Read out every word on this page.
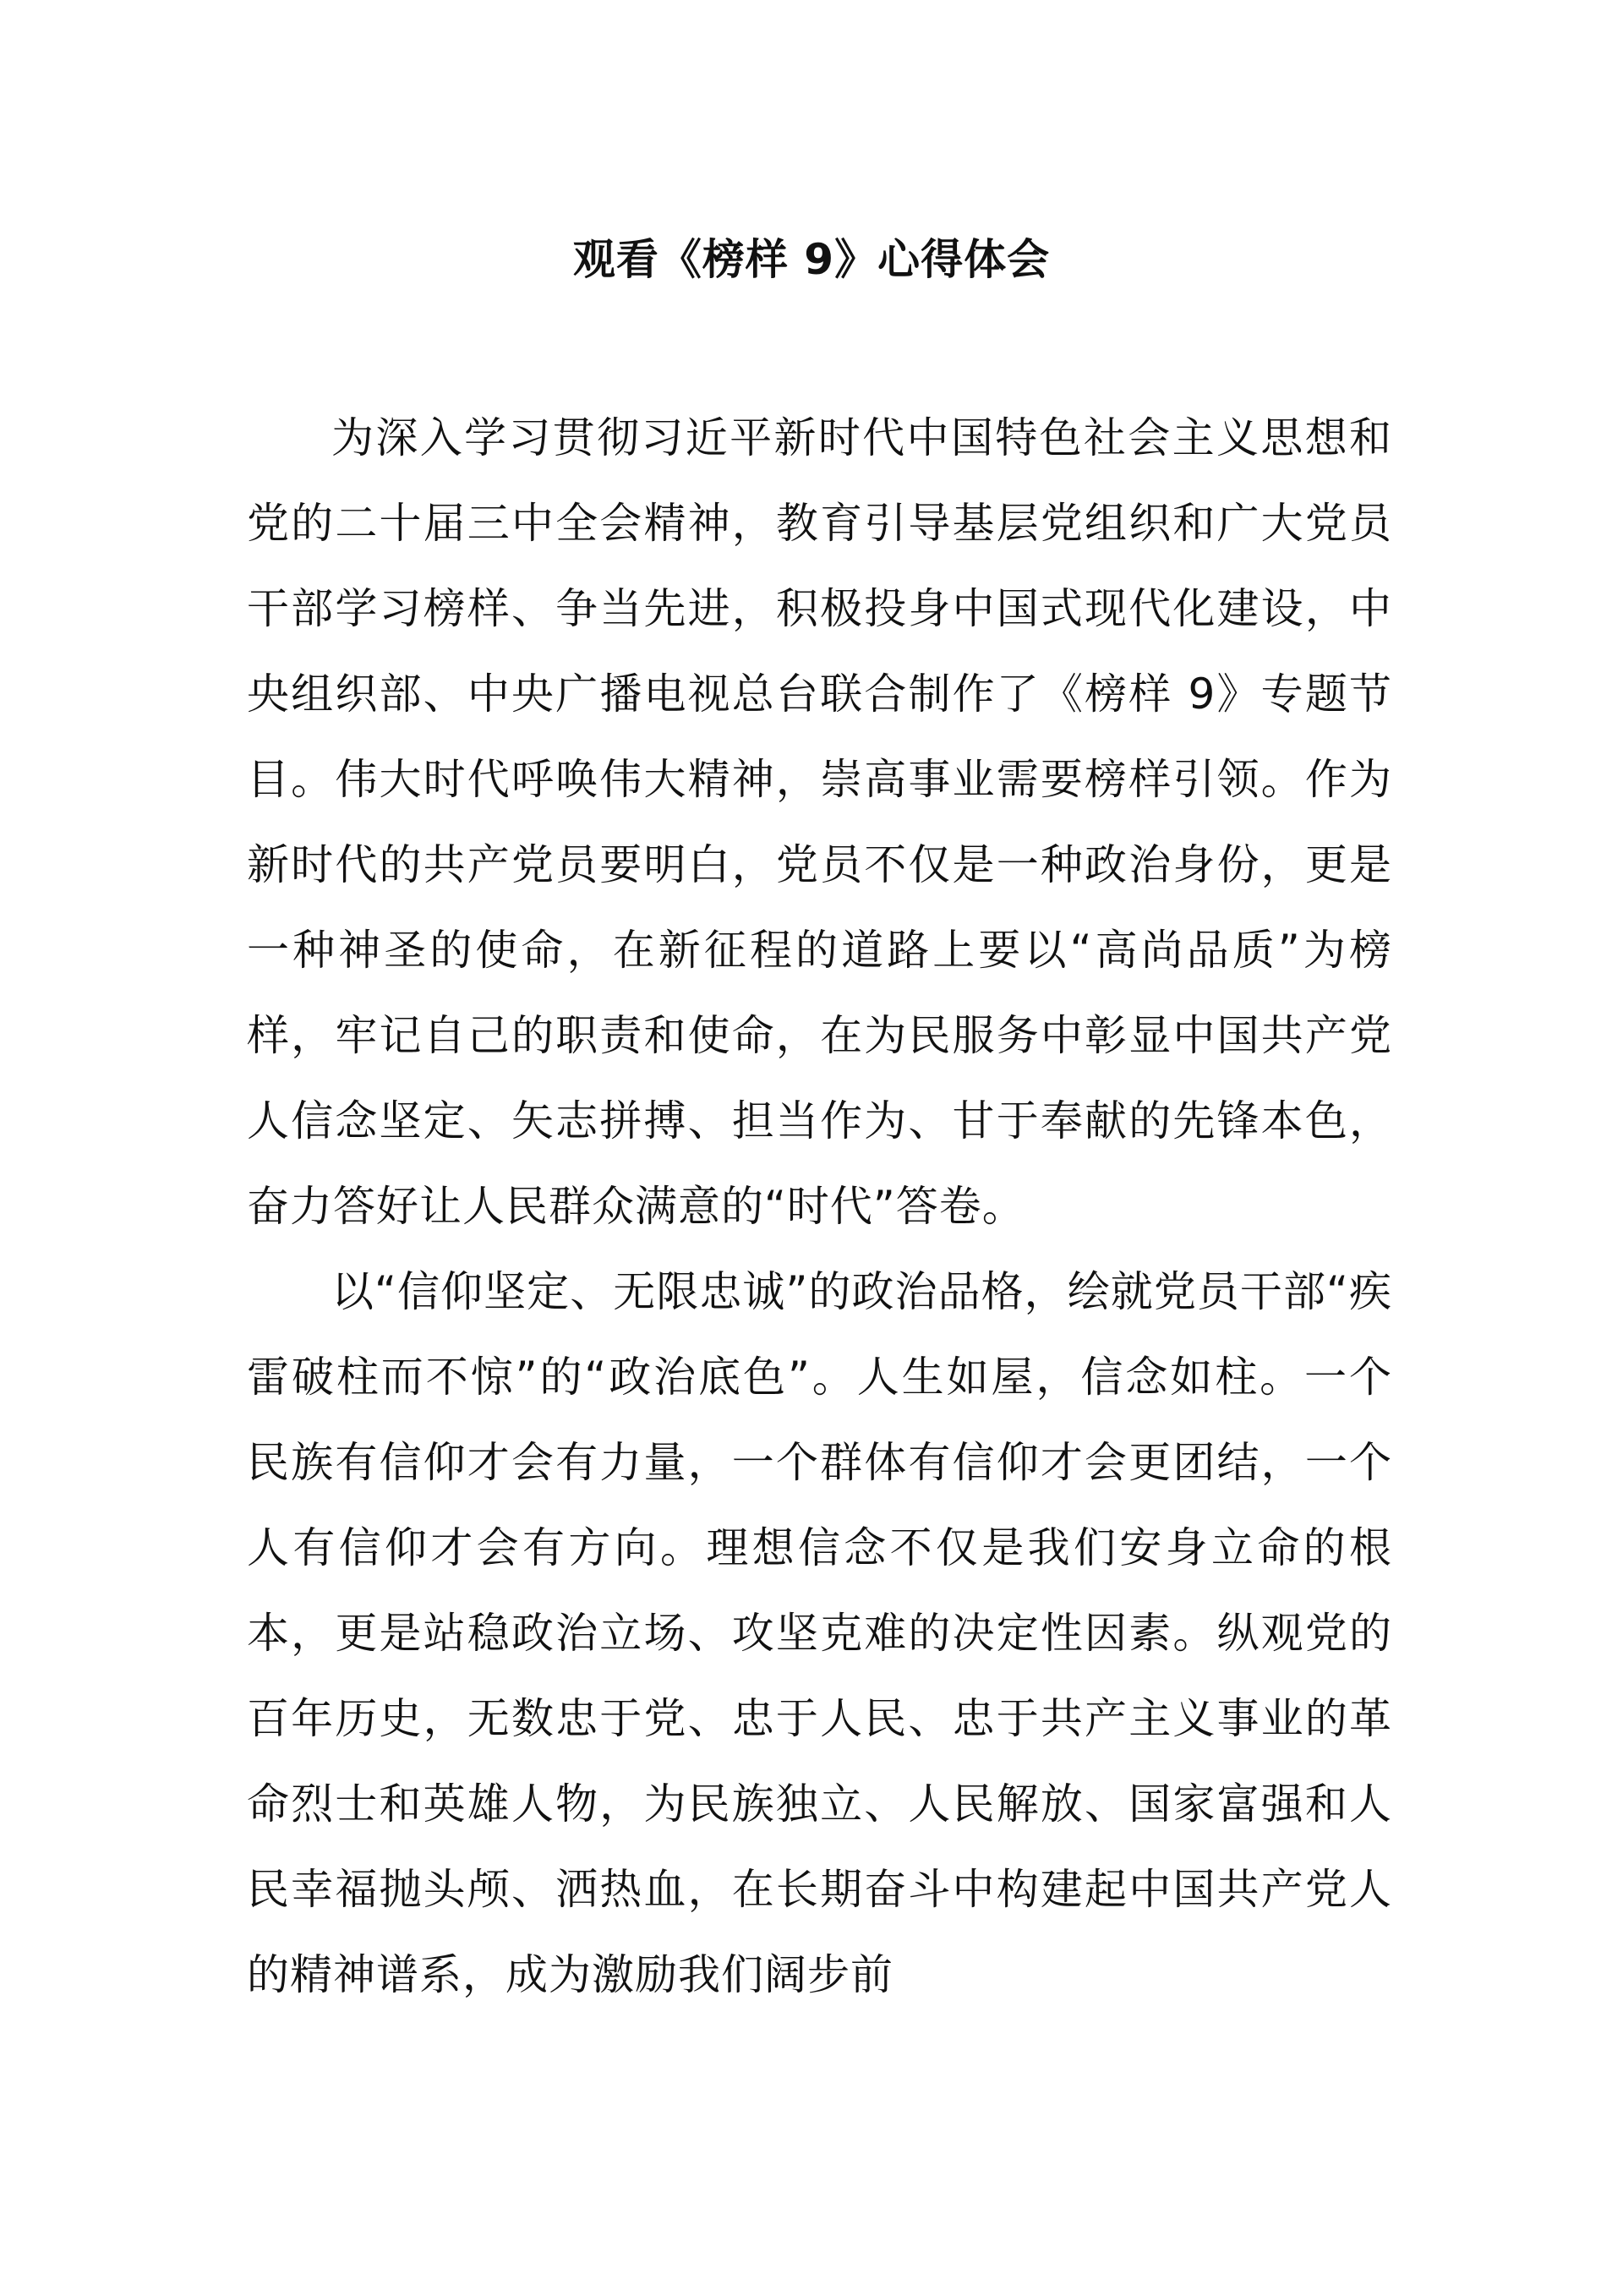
观看《榜样 9》心得体会

为深入学习贯彻习近平新时代中国特色社会主义思想和党的二十届三中全会精神，教育引导基层党组织和广大党员干部学习榜样、争当先进，积极投身中国式现代化建设，中央组织部、中央广播电视总台联合制作了《榜样 9》专题节目。伟大时代呼唤伟大精神，崇高事业需要榜样引领。作为新时代的共产党员要明白，党员不仅是一种政治身份，更是一种神圣的使命，在新征程的道路上要以“高尚品质”为榜样，牢记自己的职责和使命，在为民服务中彰显中国共产党人信念坚定、矢志拼搏、担当作为、甘于奉献的先锋本色，奋力答好让人民群众满意的“时代”答卷。

以“信仰坚定、无限忠诚”的政治品格，绘就党员干部“疾雷破柱而不惊”的“政治底色”。人生如屋，信念如柱。一个民族有信仰才会有力量，一个群体有信仰才会更团结，一个人有信仰才会有方向。理想信念不仅是我们安身立命的根本，更是站稳政治立场、攻坚克难的决定性因素。纵观党的百年历史，无数忠于党、忠于人民、忠于共产主义事业的革命烈士和英雄人物，为民族独立、人民解放、国家富强和人民幸福抛头颅、洒热血，在长期奋斗中构建起中国共产党人的精神谱系，成为激励我们阔步前
